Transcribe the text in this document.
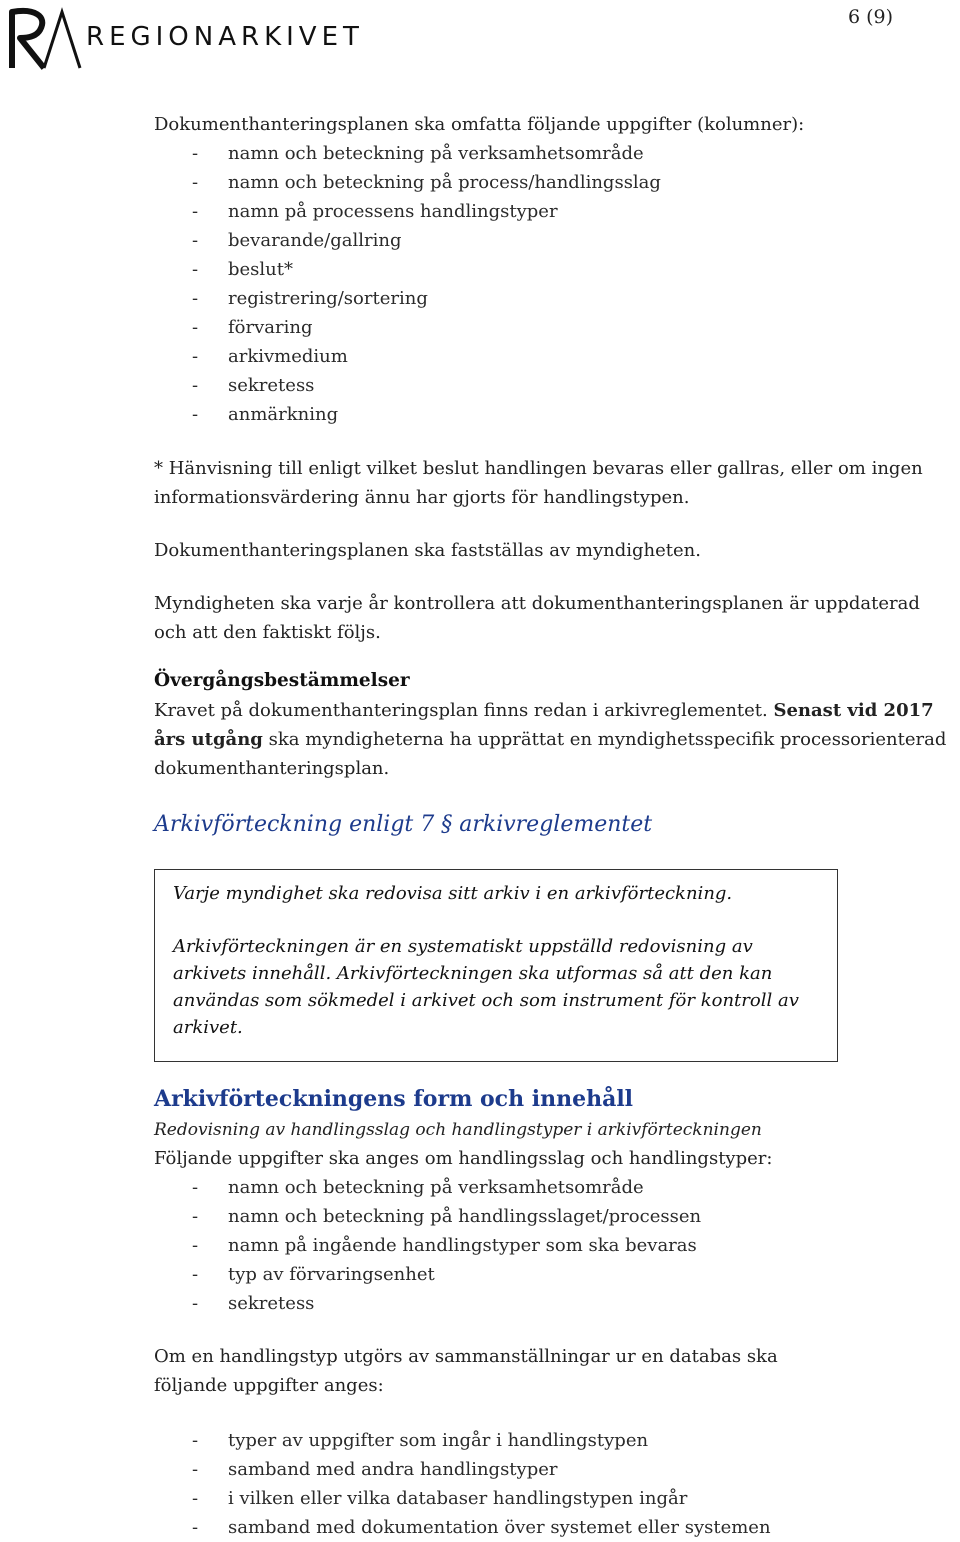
REGIONARKIVET
6 (9)
Dokumenthanteringsplanen ska omfatta följande uppgifter (kolumner):
- namn och beteckning på verksamhetsområde
- namn och beteckning på process/handlingsslag
- namn på processens handlingstyper
- bevarande/gallring
- beslut*
- registrering/sortering
- förvaring
- arkivmedium
- sekretess
- anmärkning
* Hänvisning till enligt vilket beslut handlingen bevaras eller gallras, eller om ingen
informationsvärdering ännu har gjorts för handlingstypen.
Dokumenthanteringsplanen ska fastställas av myndigheten.
Myndigheten ska varje år kontrollera att dokumenthanteringsplanen är uppdaterad
och att den faktiskt följs.
Övergångsbestämmelser
Kravet på dokumenthanteringsplan finns redan i arkivreglementet. Senast vid 2017
års utgång ska myndigheterna ha upprättat en myndighetsspecifik processorienterad
dokumenthanteringsplan.
Arkivförteckning enligt 7 § arkivreglementet

Varje myndighet ska redovisa sitt arkiv i en arkivförteckning.

Arkivförteckningen är en systematiskt uppställd redovisning av

arkivets innehåll. Arkivförteckningen ska utformas så att den kan

användas som sökmedel i arkivet och som instrument för kontroll av

arkivet.

Arkivförteckningens form och innehåll
Redovisning av handlingsslag och handlingstyper i arkivförteckningen
Följande uppgifter ska anges om handlingsslag och handlingstyper:
- namn och beteckning på verksamhetsområde
- namn och beteckning på handlingsslaget/processen
- namn på ingående handlingstyper som ska bevaras
- typ av förvaringsenhet
- sekretess
Om en handlingstyp utgörs av sammanställningar ur en databas ska
följande uppgifter anges:
- typer av uppgifter som ingår i handlingstypen
- samband med andra handlingstyper
- i vilken eller vilka databaser handlingstypen ingår
- samband med dokumentation över systemet eller systemen
